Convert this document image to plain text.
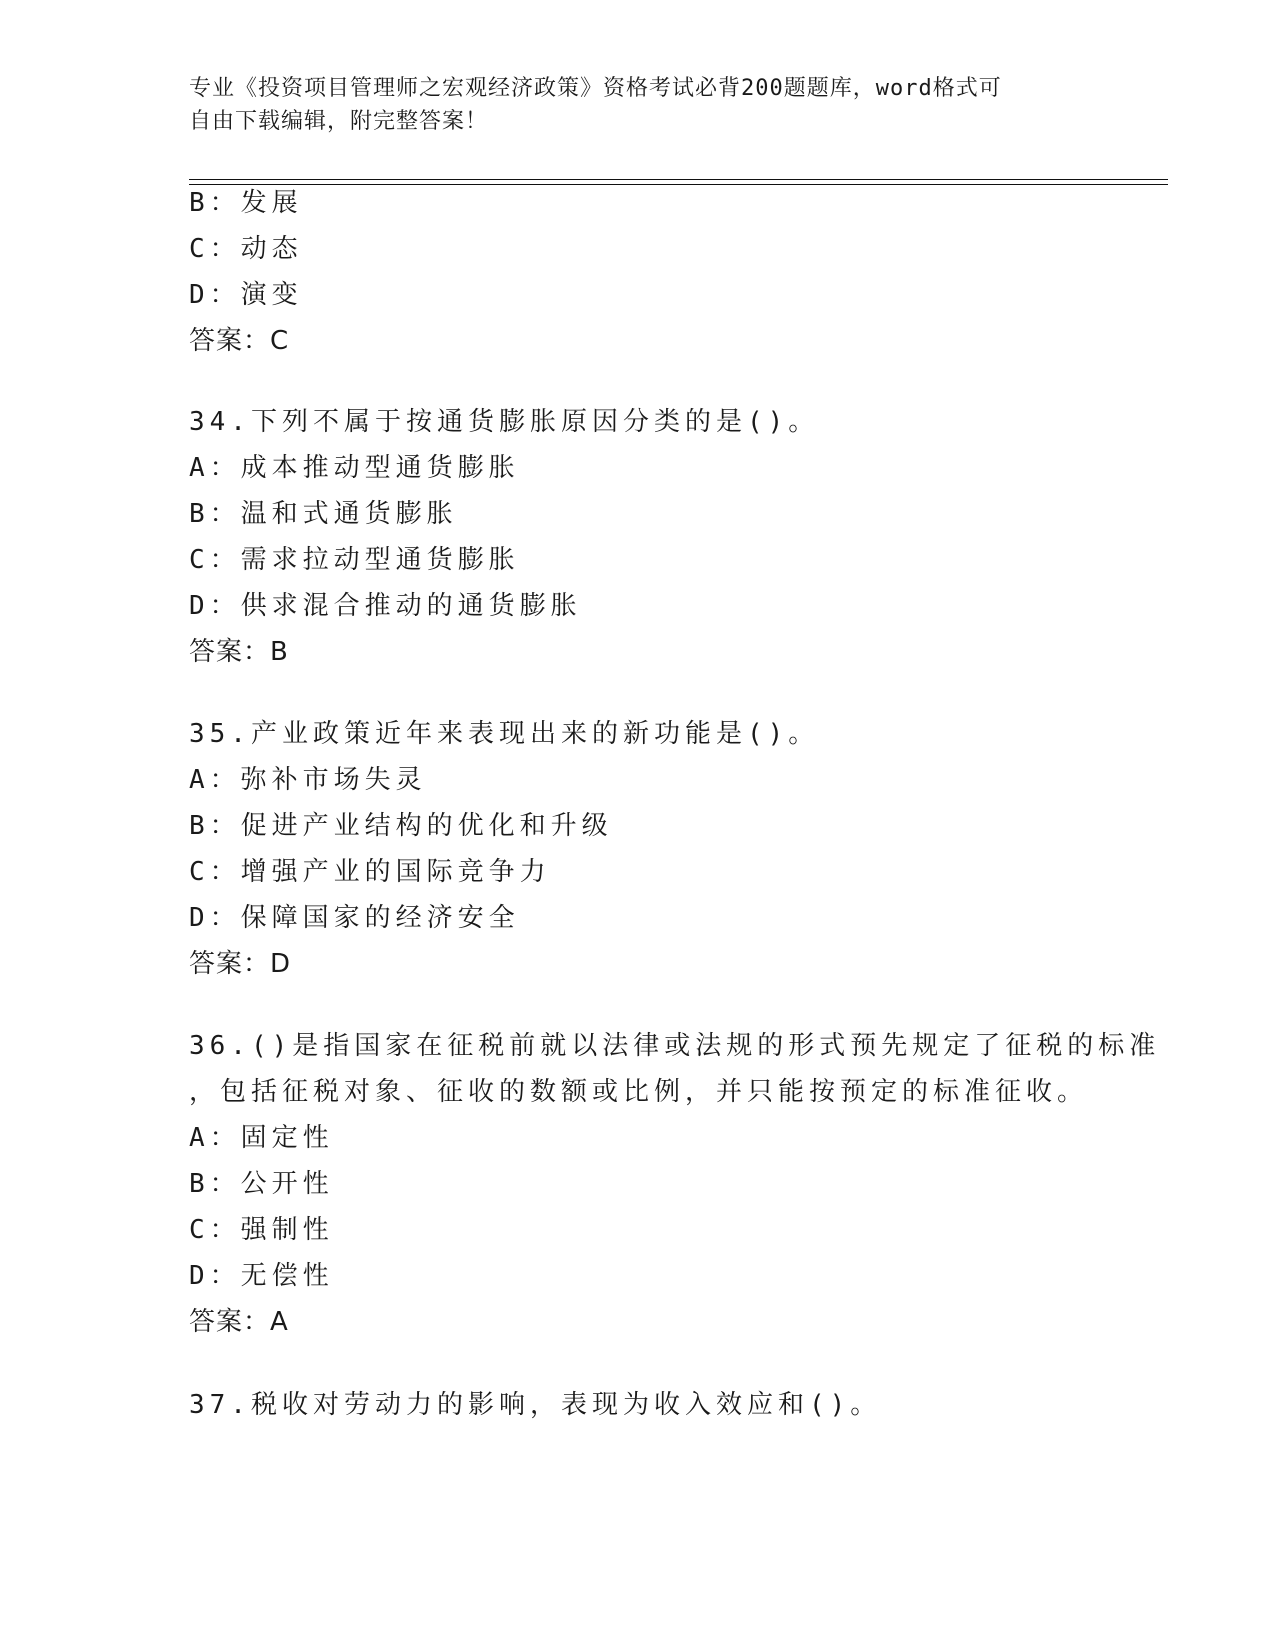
专业《投资项目管理师之宏观经济政策》资格考试必背200题题库，word格式可
自由下载编辑，附完整答案！
B：发展
C：动态
D：演变
答案：C
34.下列不属于按通货膨胀原因分类的是()。
A：成本推动型通货膨胀
B：温和式通货膨胀
C：需求拉动型通货膨胀
D：供求混合推动的通货膨胀
答案：B
35.产业政策近年来表现出来的新功能是()。
A：弥补市场失灵
B：促进产业结构的优化和升级
C：增强产业的国际竞争力
D：保障国家的经济安全
答案：D
36.()是指国家在征税前就以法律或法规的形式预先规定了征税的标准
，包括征税对象、征收的数额或比例，并只能按预定的标准征收。
A：固定性
B：公开性
C：强制性
D：无偿性
答案：A
37.税收对劳动力的影响，表现为收入效应和()。
